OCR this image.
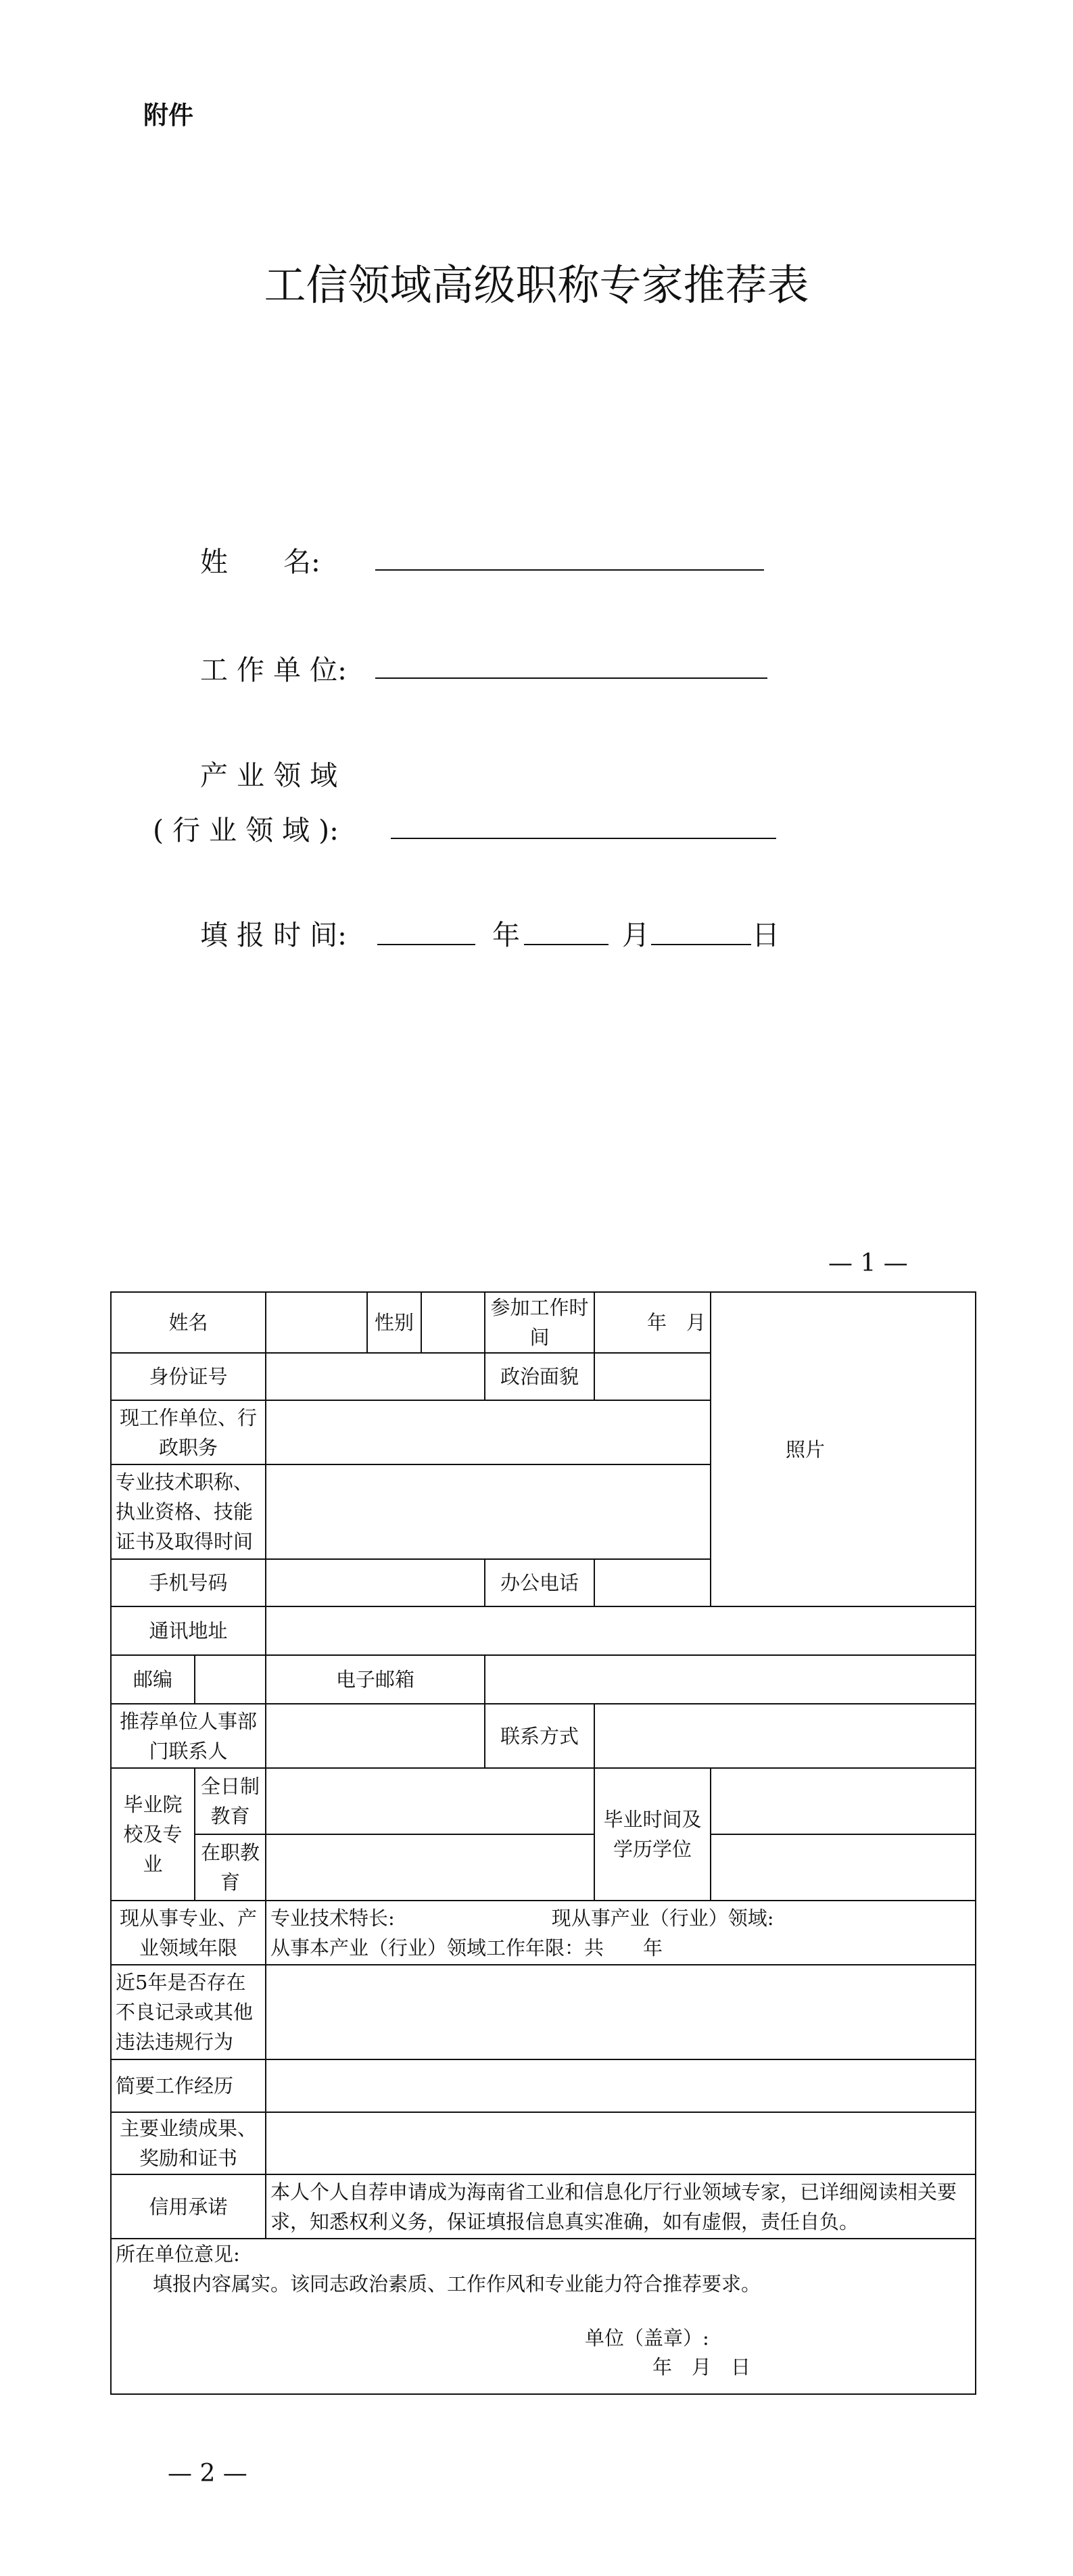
附件
工信领域高级职称专家推荐表
姓　　名:
工 作 单 位:
产 业 领 域
( 行 业 领 域 ):
填 报 时 间:	年	月	日
— 1 —
姓名			性别		参加工作时间	年　月	照片
身份证号					政治面貌		
现工作单位、行政职务							
专业技术职称、执业资格、技能证书及取得时间							
手机号码					办公电话		
通讯地址							
邮编		电子邮箱					
推荐单位人事部门联系人					联系方式		
毕业院校及专业	全日制教育					毕业时间及学历学位	
	在职教育						
现从事专业、产业领域年限		专业技术特长:　　　　　　　　现从事产业（行业）领域:
从事本产业（行业）领域工作年限：共　　年					

近5年是否存在不良记录或其他违法违规行为							
简要工作经历							
主要业绩成果、奖励和证书							
信用承诺		本人个人自荐申请成为海南省工业和信息化厅行业领域专家，已详细阅读相关要求，知悉权利义务，保证填报信息真实准确，如有虚假，责任自负。					

所在单位意见:
填报内容属实。该同志政治素质、工作作风和专业能力符合推荐要求。							
单位（盖章）:
年　月　日
— 2 —
